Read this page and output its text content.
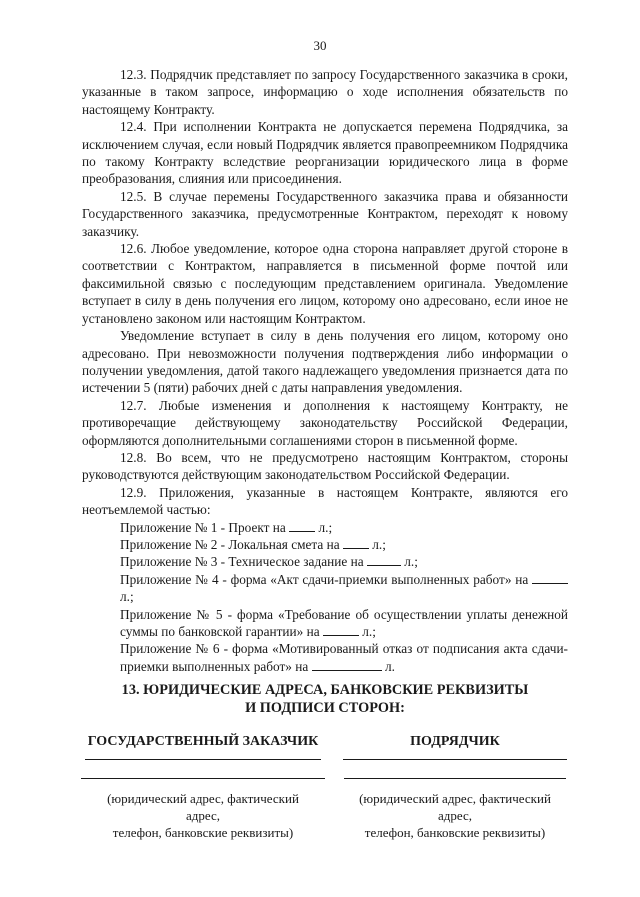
30

12.3. Подрядчик представляет по запросу Государственного заказчика в сроки, указанные в таком запросе, информацию о ходе исполнения обязательств по настоящему Контракту.

12.4. При исполнении Контракта не допускается перемена Подрядчика, за исключением случая, если новый Подрядчик является правопреемником Подрядчика по такому Контракту вследствие реорганизации юридического лица в форме преобразования, слияния или присоединения.

12.5. В случае перемены Государственного заказчика права и обязанности Государственного заказчика, предусмотренные Контрактом, переходят к новому заказчику.

12.6. Любое уведомление, которое одна сторона направляет другой стороне в соответствии с Контрактом, направляется в письменной форме почтой или факсимильной связью с последующим представлением оригинала. Уведомление вступает в силу в день получения его лицом, которому оно адресовано, если иное не установлено законом или настоящим Контрактом.

Уведомление вступает в силу в день получения его лицом, которому оно адресовано. При невозможности получения подтверждения либо информации о получении уведомления, датой такого надлежащего уведомления признается дата по истечении 5 (пяти) рабочих дней с даты направления уведомления.

12.7. Любые изменения и дополнения к настоящему Контракту, не противоречащие действующему законодательству Российской Федерации, оформляются дополнительными соглашениями сторон в письменной форме.

12.8. Во всем, что не предусмотрено настоящим Контрактом, стороны руководствуются действующим законодательством Российской Федерации.

12.9. Приложения, указанные в настоящем Контракте, являются его неотъемлемой частью:

Приложение № 1 - Проект на л.;

Приложение № 2 - Локальная смета на л.;

Приложение № 3 - Техническое задание на	л.;

Приложение № 4 - форма «Акт сдачи-приемки выполненных работ» на  л.;

Приложение № 5 - форма «Требование об осуществлении уплаты денежной суммы по банковской гарантии» на	л.;

Приложение № 6 - форма «Мотивированный отказ от подписания акта сдачи-приемки выполненных работ» на	л.

13. ЮРИДИЧЕСКИЕ АДРЕСА, БАНКОВСКИЕ РЕКВИЗИТЫ
И ПОДПИСИ СТОРОН:
ГОСУДАРСТВЕННЫЙ ЗАКАЗЧИК
(юридический адрес, фактический
адрес,
телефон, банковские реквизиты)
ПОДРЯДЧИК
(юридический адрес, фактический
адрес,
телефон, банковские реквизиты)
